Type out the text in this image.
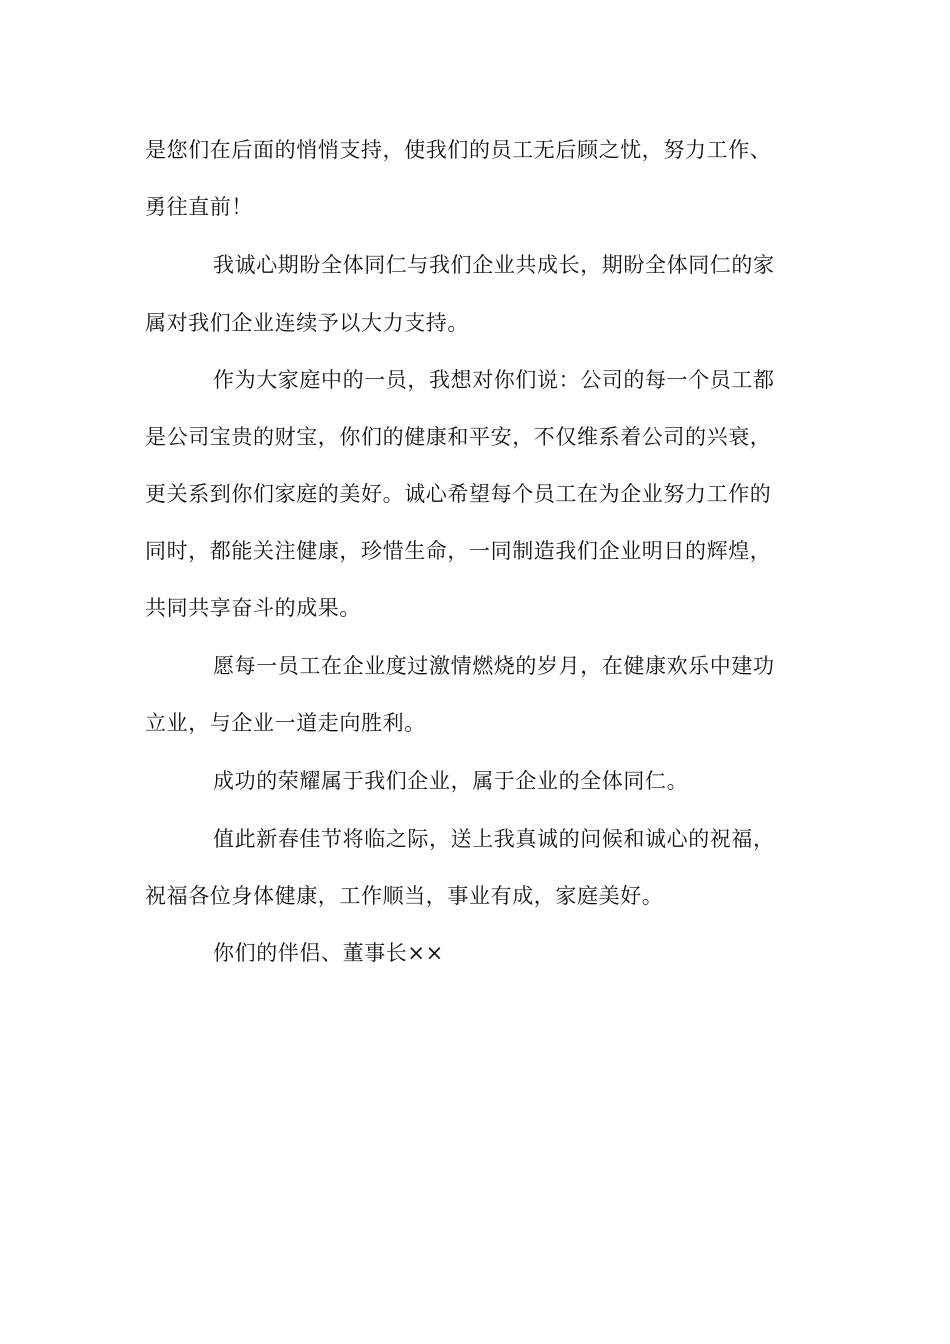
是您们在后面的悄悄支持，使我们的员工无后顾之忧，努力工作、
勇往直前！
我诚心期盼全体同仁与我们企业共成长，期盼全体同仁的家
属对我们企业连续予以大力支持。
作为大家庭中的一员，我想对你们说：公司的每一个员工都
是公司宝贵的财宝，你们的健康和平安，不仅维系着公司的兴衰，
更关系到你们家庭的美好。诚心希望每个员工在为企业努力工作的
同时，都能关注健康，珍惜生命，一同制造我们企业明日的辉煌，
共同共享奋斗的成果。
愿每一员工在企业度过激情燃烧的岁月，在健康欢乐中建功
立业，与企业一道走向胜利。
成功的荣耀属于我们企业，属于企业的全体同仁。
值此新春佳节将临之际，送上我真诚的问候和诚心的祝福，
祝福各位身体健康，工作顺当，事业有成，家庭美好。
你们的伴侣、董事长××
